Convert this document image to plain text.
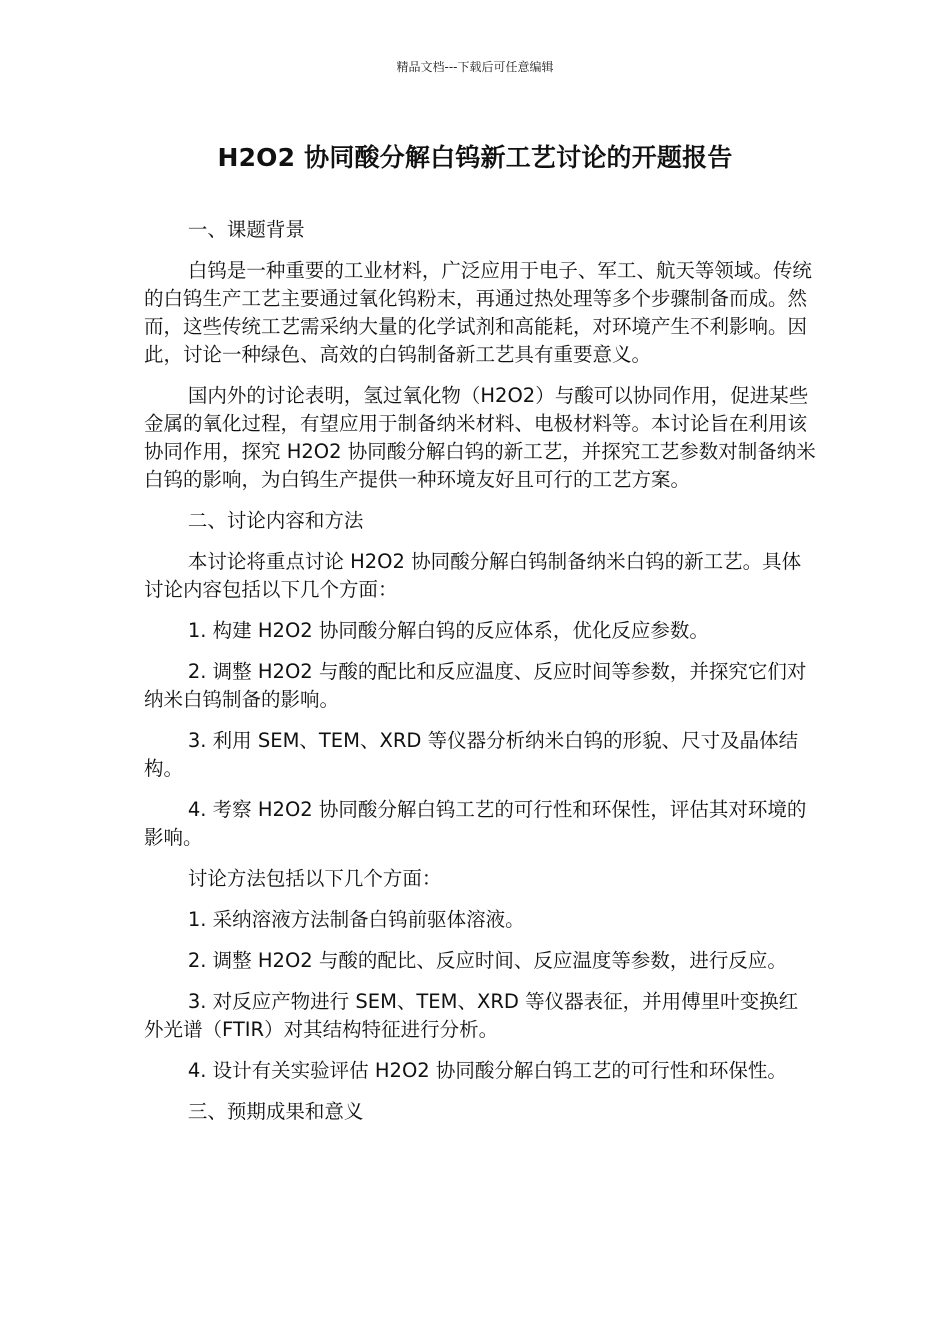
精品文档---下载后可任意编辑
H2O2 协同酸分解白钨新工艺讨论的开题报告

一、课题背景

白钨是一种重要的工业材料，广泛应用于电子、军工、航天等领域。传统的白钨生产工艺主要通过氧化钨粉末，再通过热处理等多个步骤制备而成。然而，这些传统工艺需采纳大量的化学试剂和高能耗，对环境产生不利影响。因此，讨论一种绿色、高效的白钨制备新工艺具有重要意义。

国内外的讨论表明，氢过氧化物（H2O2）与酸可以协同作用，促进某些金属的氧化过程，有望应用于制备纳米材料、电极材料等。本讨论旨在利用该协同作用，探究 H2O2 协同酸分解白钨的新工艺，并探究工艺参数对制备纳米白钨的影响，为白钨生产提供一种环境友好且可行的工艺方案。

二、讨论内容和方法

本讨论将重点讨论 H2O2 协同酸分解白钨制备纳米白钨的新工艺。具体讨论内容包括以下几个方面：

1. 构建 H2O2 协同酸分解白钨的反应体系，优化反应参数。

2. 调整 H2O2 与酸的配比和反应温度、反应时间等参数，并探究它们对纳米白钨制备的影响。

3. 利用 SEM、TEM、XRD 等仪器分析纳米白钨的形貌、尺寸及晶体结构。

4. 考察 H2O2 协同酸分解白钨工艺的可行性和环保性，评估其对环境的影响。

讨论方法包括以下几个方面：

1. 采纳溶液方法制备白钨前驱体溶液。

2. 调整 H2O2 与酸的配比、反应时间、反应温度等参数，进行反应。

3. 对反应产物进行 SEM、TEM、XRD 等仪器表征，并用傅里叶变换红外光谱（FTIR）对其结构特征进行分析。

4. 设计有关实验评估 H2O2 协同酸分解白钨工艺的可行性和环保性。

三、预期成果和意义
